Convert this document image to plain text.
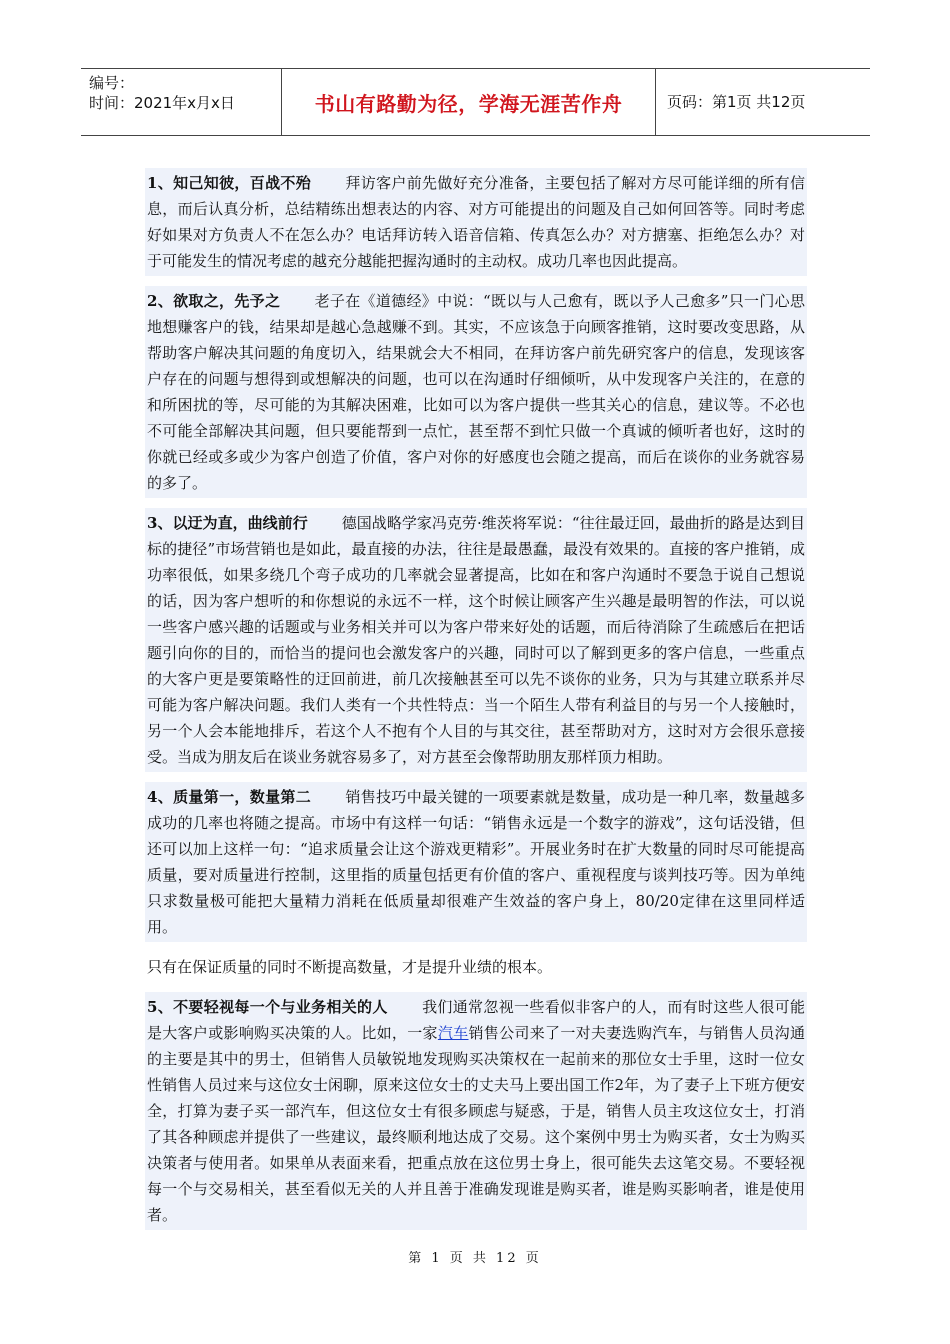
编号：
时间：2021年x月x日	书山有路勤为径，学海无涯苦作舟	页码：第1页 共12页

1、知己知彼，百战不殆 拜访客户前先做好充分准备，主要包括了解对方尽可能详细的所有信息，而后认真分析，总结精练出想表达的内容、对方可能提出的问题及自己如何回答等。同时考虑好如果对方负责人不在怎么办？电话拜访转入语音信箱、传真怎么办？对方搪塞、拒绝怎么办？对于可能发生的情况考虑的越充分越能把握沟通时的主动权。成功几率也因此提高。

2、欲取之，先予之 老子在《道德经》中说：“既以与人己愈有，既以予人己愈多”只一门心思地想赚客户的钱，结果却是越心急越赚不到。其实，不应该急于向顾客推销，这时要改变思路，从帮助客户解决其问题的角度切入，结果就会大不相同，在拜访客户前先研究客户的信息，发现该客户存在的问题与想得到或想解决的问题，也可以在沟通时仔细倾听，从中发现客户关注的，在意的和所困扰的等，尽可能的为其解决困难，比如可以为客户提供一些其关心的信息，建议等。不必也不可能全部解决其问题，但只要能帮到一点忙，甚至帮不到忙只做一个真诚的倾听者也好，这时的你就已经或多或少为客户创造了价值，客户对你的好感度也会随之提高，而后在谈你的业务就容易的多了。

3、以迂为直，曲线前行 德国战略学家冯克劳·维茨将军说：“往往最迂回，最曲折的路是达到目标的捷径”市场营销也是如此，最直接的办法，往往是最愚蠢，最没有效果的。直接的客户推销，成功率很低，如果多绕几个弯子成功的几率就会显著提高，比如在和客户沟通时不要急于说自己想说的话，因为客户想听的和你想说的永远不一样，这个时候让顾客产生兴趣是最明智的作法，可以说一些客户感兴趣的话题或与业务相关并可以为客户带来好处的话题，而后待消除了生疏感后在把话题引向你的目的，而恰当的提问也会激发客户的兴趣，同时可以了解到更多的客户信息，一些重点的大客户更是要策略性的迂回前进，前几次接触甚至可以先不谈你的业务，只为与其建立联系并尽可能为客户解决问题。我们人类有一个共性特点：当一个陌生人带有利益目的与另一个人接触时，另一个人会本能地排斥，若这个人不抱有个人目的与其交往，甚至帮助对方，这时对方会很乐意接受。当成为朋友后在谈业务就容易多了，对方甚至会像帮助朋友那样顶力相助。

4、质量第一，数量第二 销售技巧中最关键的一项要素就是数量，成功是一种几率，数量越多成功的几率也将随之提高。市场中有这样一句话：“销售永远是一个数字的游戏”，这句话没错，但还可以加上这样一句：“追求质量会让这个游戏更精彩”。开展业务时在扩大数量的同时尽可能提高质量，要对质量进行控制，这里指的质量包括更有价值的客户、重视程度与谈判技巧等。因为单纯只求数量极可能把大量精力消耗在低质量却很难产生效益的客户身上，80/20定律在这里同样适用。

只有在保证质量的同时不断提高数量，才是提升业绩的根本。

5、不要轻视每一个与业务相关的人 我们通常忽视一些看似非客户的人，而有时这些人很可能是大客户或影响购买决策的人。比如，一家汽车销售公司来了一对夫妻选购汽车，与销售人员沟通的主要是其中的男士，但销售人员敏锐地发现购买决策权在一起前来的那位女士手里，这时一位女性销售人员过来与这位女士闲聊，原来这位女士的丈夫马上要出国工作2年，为了妻子上下班方便安全，打算为妻子买一部汽车，但这位女士有很多顾虑与疑惑，于是，销售人员主攻这位女士，打消了其各种顾虑并提供了一些建议，最终顺利地达成了交易。这个案例中男士为购买者，女士为购买决策者与使用者。如果单从表面来看，把重点放在这位男士身上，很可能失去这笔交易。不要轻视每一个与交易相关，甚至看似无关的人并且善于准确发现谁是购买者，谁是购买影响者，谁是使用者。

第 1 页 共 12 页
